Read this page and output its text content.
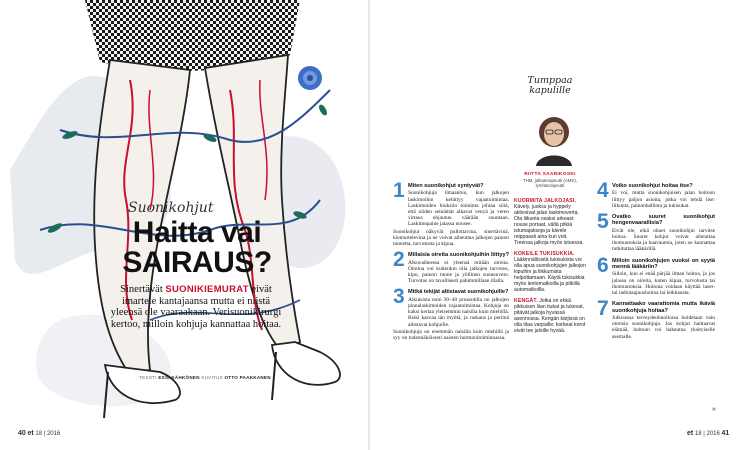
Suonikohjut
Haitta vai SAIRAUS?
Sinertävät SUONIKIEMURAT eivät imartele kantajaansa mutta ei niistä yleensä ole vaaraakaan. Verisuonikirurgi kertoo, milloin kohjuja kannattaa hoitaa.
TEKSTI ESSI KÄHKÖNEN KUVITUS OTTO PAAKKANEN
40 et 18 | 2016
1 Miten suonikohjut syntyvät?

Suonikohjuja ilmaantuu, kun jalkojen laskimoihin kehittyy vajaatoimintaa. Laskimoiden hiuksiin toiminta johtaa siitä, että niiden seinämät alkavat venyä ja veren virtaus ohjautuu väärään suuntaan. Laskimopaine jalassa nousee.

Suonikohjut näkyvät pullottavina, sinertävinä, kiemurtelevina ja ne voivat aiheuttaa jalkojen painon tunnetta, turvotusta ja kipua.

2 Millaisia oireita suonikohjuihin liittyy?

Alkuvaiheessa ei yleensä mitään oireita. Oireina voi kuitenkin olla jalkojen turvotus, kipu, painon tunne ja yöllinen suonenveto. Turvotus on tavallisesti pahimmillaan illalla.

3 Mitkä tekijät altistavat suonikohjuille?

Aikuisista noin 30–40 prosentilla on jalkojen pinnalaskimoiden vajaatoimintaa. Kohjuja on kaksi kertaa yleisemmin naisilla kuin miehillä. Riski kasvaa iän myötä, ja raskaus ja perimä altistavat kohjuille.

Suonikohjuja on enemmän naisilla kuin miehillä ja syy on todennäköisesti naisten hormonitoiminnassa.

Tumppaa kapulille
RIITTA SAARIKOSKI
THM, jalkaterapeutti (AMK), lymfaterapeutti
KUORMITA JALKOJASI. Kävely, juoksu ja hyppely aktivoivat jalan laskimoverta. Ota liikunta osaksi arkeasi: nouse portaat, vältä pitkiä istumajaksoja ja kävele reippaasti aina kun voit. Treenaa jalkoja myös istuessa.
KOKEILE TUKISUKKIA. Lääkinnällisistä tukisukista voi olla apua suonikohjujen jalkojen kipuihin ja liikkumista helpottamaan. Käytä tukisukkia myös lentomatkoilla ja pitkillä automatkoilla.
KENGÄT. Jotka on ehkä pikkuisen liian tiukat ja tukevat, pitävät jalkoja hyvässä asennossa. Kengän kärjissä on olla tilaa varpaille; korkeat korot eivät tee jaloille hyvää.
4 Voiko suonikohjut hoitaa itse?

Ei voi, mutta suonikohjuisen jalan hoitoon liittyy paljon asioita, jotka voi tehdä itse: liikunta, painonhallinta ja tukisukat.

5 Ovatko suuret suonikohjut hengenvaarallisia?

Eivät ole, eikä ohuet suonikohjut tarvitse hoitoa. Suuret kohjut voivat aiheuttaa ihomuutoksia ja haavaumia, joten ne kannattaa tutkituttaa lääkärillä.

6 Milloin suonikohjujen vuoksi on syytä mennä lääkäriin?

Silloin, kun ei enää pärjää ilman hoitoa, ja jos jalassa on oireita, kuten kipua, turvotusta tai ihomuutoksia. Hoitona voidaan käyttää laser- tai radiotaajuushoitoa tai leikkausta.

7 Kannattaako vaarattomia mutta ikäviä suonikohjuja hoitaa?

Julkisessa terveydenhuollossa hoidetaan vain oireisia suonikohjuja. Jos kohjut haittaavat elämää, hoitoon voi hakeutua yksityiselle asemalle.

»
et 18 | 2016 41
